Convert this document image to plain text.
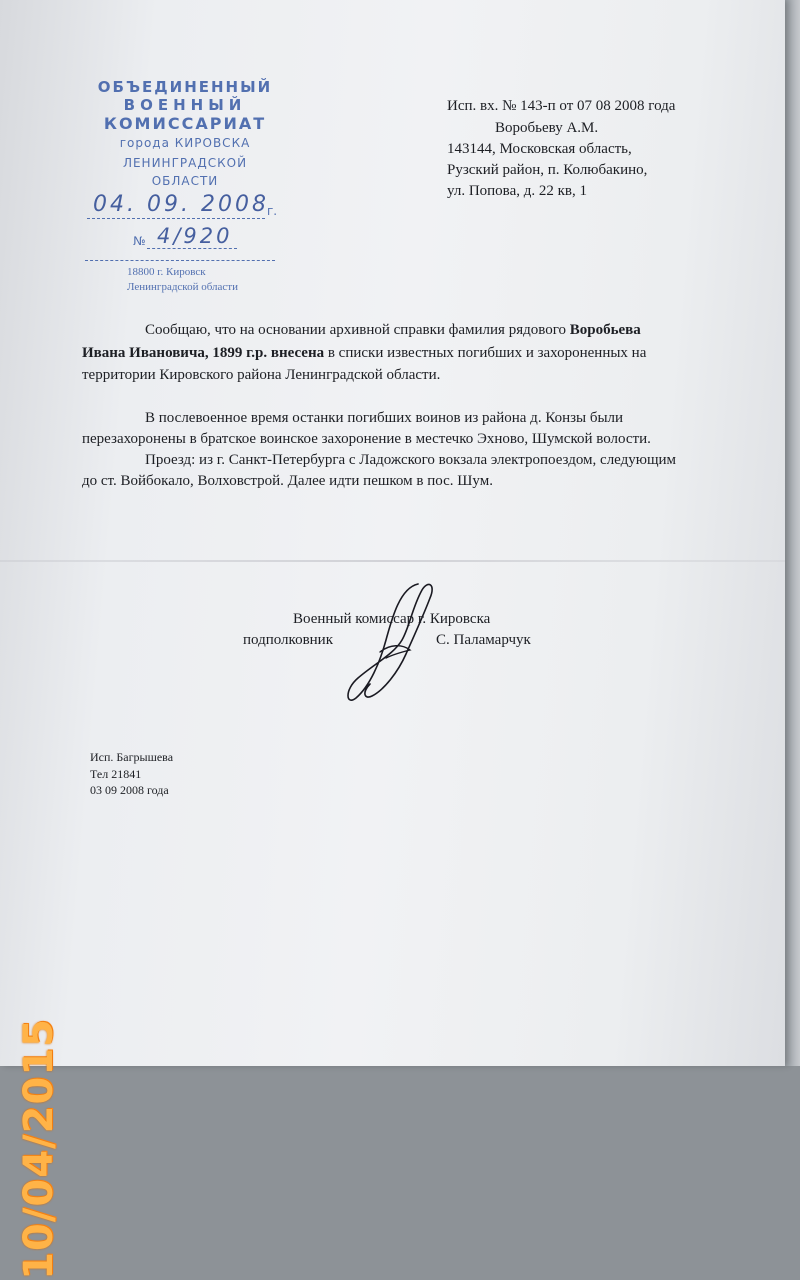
ОБЪЕДИНЕННЫЙ
ВОЕННЫЙ
КОМИССАРИАТ
города КИРОВСКА
ЛЕНИНГРАДСКОЙ
ОБЛАСТИ
04. 09. 2008
г.
№ 4/920
18800 г. Кировск
Ленинградской области
Исп. вх. № 143-п от 07 08 2008 года
Воробьеву А.М.
143144, Московская область,
Рузский район, п. Колюбакино,
ул. Попова, д. 22 кв, 1
Сообщаю, что на основании архивной справки фамилия рядового Воробьева
Ивана Ивановича, 1899 г.р. внесена в списки известных погибших и захороненных на
территории Кировского района Ленинградской области.
В послевоенное время останки погибших воинов из района д. Конзы были
перезахоронены в братское воинское захоронение в местечко Эхново, Шумской волости.
Проезд: из г. Санкт-Петербурга с Ладожского вокзала электропоездом, следующим
до ст. Войбокало, Волховстрой. Далее идти пешком в пос. Шум.
Военный комиссар г. Кировска
подполковник	С. Паламарчук
Исп. Багрышева
Тел 21841
03 09 2008 года
10/04/2015
